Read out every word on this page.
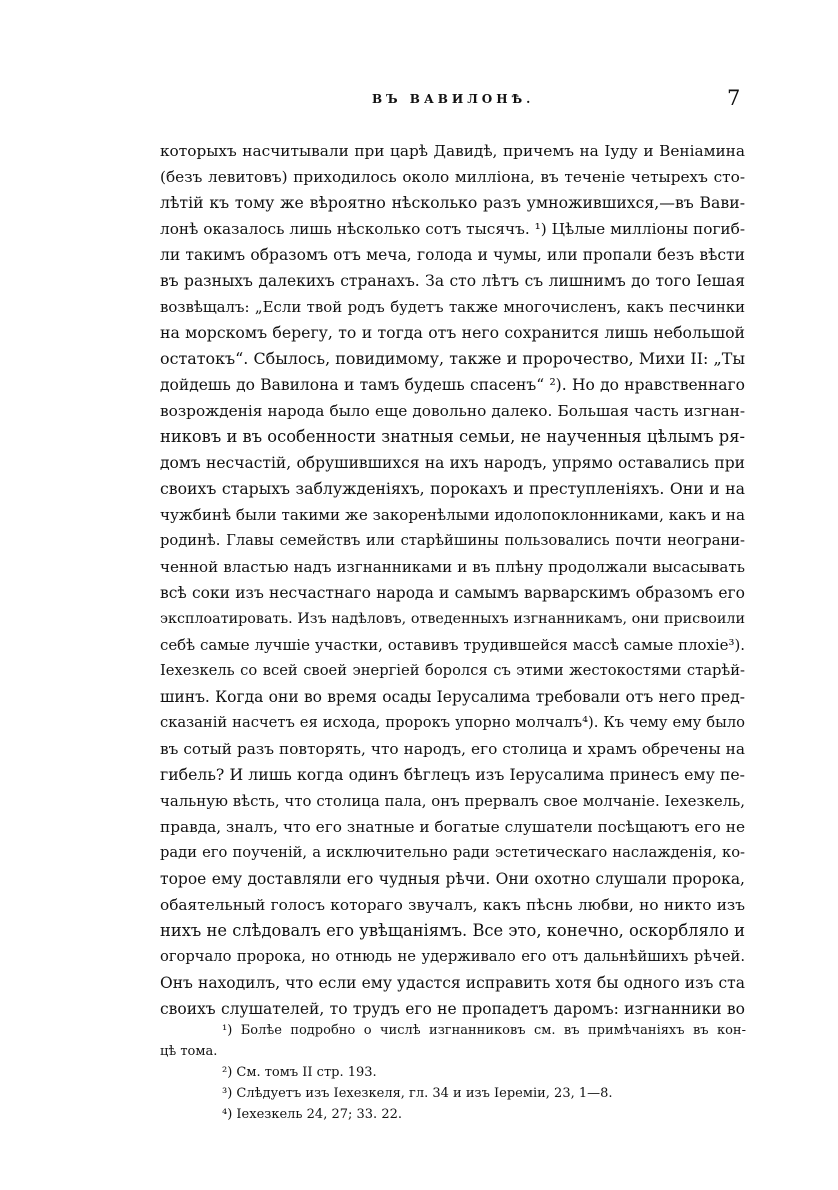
ВЪ ВАВИЛОНѢ.	7
которыхъ насчитывали при царѣ Давидѣ, причемъ на Іуду и Веніамина
(безъ левитовъ) приходилось около милліона, въ теченіе четырехъ сто-
лѣтій къ тому же вѣроятно нѣсколько разъ умножившихся,—въ Вави-
лонѣ оказалось лишь нѣсколько сотъ тысячъ. ¹) Цѣлые милліоны погиб-
ли такимъ образомъ отъ меча, голода и чумы, или пропали безъ вѣсти
въ разныхъ далекихъ странахъ. За сто лѣтъ съ лишнимъ до того Іешая
возвѣщалъ: „Если твой родъ будетъ также многочисленъ, какъ песчинки
на морскомъ берегу, то и тогда отъ него сохранится лишь небольшой
остатокъ“. Сбылось, повидимому, также и пророчество, Михи II: „Ты
дойдешь до Вавилона и тамъ будешь спасенъ“ ²). Но до нравственнаго
возрожденія народа было еще довольно далеко. Большая часть изгнан-
никовъ и въ особенности знатныя семьи, не наученныя цѣлымъ ря-
домъ несчастій, обрушившихся на ихъ народъ, упрямо оставались при
своихъ старыхъ заблужденіяхъ, порокахъ и преступленіяхъ. Они и на
чужбинѣ были такими же закоренѣлыми идолопоклонниками, какъ и на
родинѣ. Главы семействъ или старѣйшины пользовались почти неограни-
ченной властью надъ изгнанниками и въ плѣну продолжали высасывать
всѣ соки изъ несчастнаго народа и самымъ варварскимъ образомъ его
эксплоатировать. Изъ надѣловъ, отведенныхъ изгнанникамъ, они присвоили
себѣ самые лучшіе участки, оставивъ трудившейся массѣ самые плохіе³).
Іехезкель со всей своей энергіей боролся съ этими жестокостями старѣй-
шинъ. Когда они во время осады Іерусалима требовали отъ него пред-
сказаній насчетъ ея исхода, пророкъ упорно молчалъ⁴). Къ чему ему было
въ сотый разъ повторять, что народъ, его столица и храмъ обречены на
гибель? И лишь когда одинъ бѣглецъ изъ Іерусалима принесъ ему пе-
чальную вѣсть, что столица пала, онъ прервалъ свое молчаніе. Іехезкель,
правда, зналъ, что его знатные и богатые слушатели посѣщаютъ его не
ради его поученій, а исключительно ради эстетическаго наслажденія, ко-
торое ему доставляли его чудныя рѣчи. Они охотно слушали пророка,
обаятельный голосъ котораго звучалъ, какъ пѣснь любви, но никто изъ
нихъ не слѣдовалъ его увѣщаніямъ. Все это, конечно, оскорбляло и
огорчало пророка, но отнюдь не удерживало его отъ дальнѣйшихъ рѣчей.
Онъ находилъ, что если ему удастся исправить хотя бы одного изъ ста
своихъ слушателей, то трудъ его не пропадетъ даромъ: изгнанники во
¹) Болѣе подробно о числѣ изгнанниковъ см. въ примѣчаніяхъ въ кон-
цѣ тома.
²) См. томъ II стр. 193.
³) Слѣдуетъ изъ Іехезкеля, гл. 34 и изъ Іереміи, 23, 1—8.
⁴) Іехезкель 24, 27; 33. 22.
